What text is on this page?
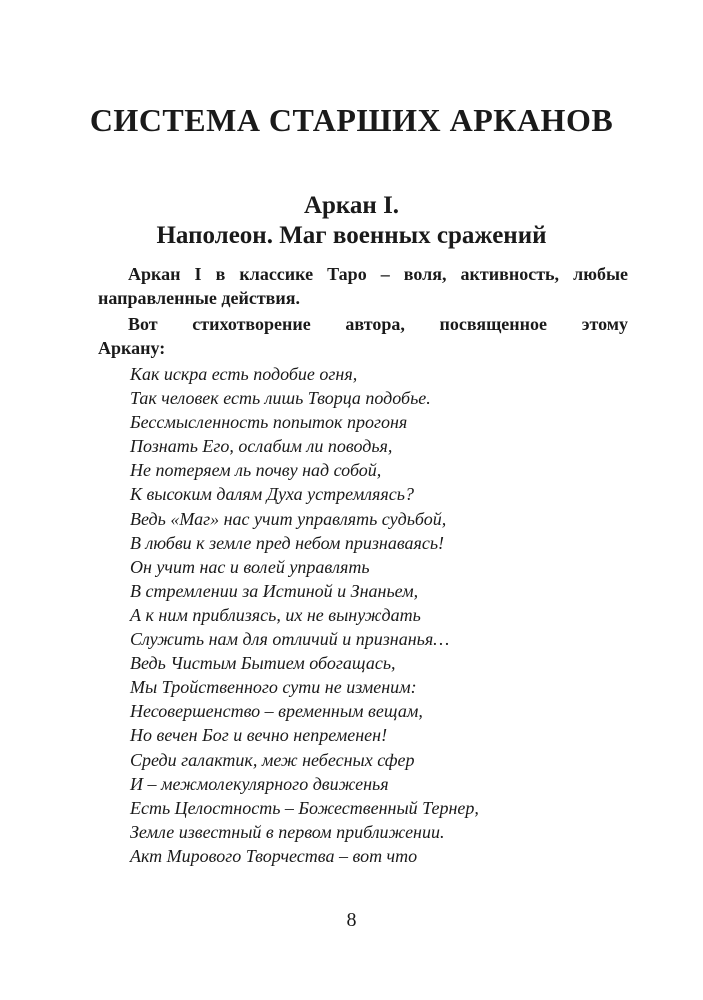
СИСТЕМА СТАРШИХ АРКАНОВ
Аркан I.
Наполеон. Маг военных сражений

Аркан I в классике Таро – воля, активность, любые
направленные действия.

Вот стихотворение автора, посвященное этому
Аркану:

Как искра есть подобие огня,
Так человек есть лишь Творца подобье.
Бессмысленность попыток прогоня
Познать Его, ослабим ли поводья,
Не потеряем ль почву над собой,
К высоким далям Духа устремляясь?
Ведь «Маг» нас учит управлять судьбой,
В любви к земле пред небом признаваясь!
Он учит нас и волей управлять
В стремлении за Истиной и Знаньем,
А к ним приблизясь, их не вынуждать
Служить нам для отличий и признанья…
Ведь Чистым Бытием обогащась,
Мы Тройственного сути не изменим:
Несовершенство – временным вещам,
Но вечен Бог и вечно непременен!
Среди галактик, меж небесных сфер
И – межмолекулярного движенья
Есть Целостность – Божественный Тернер,
Земле известный в первом приближении.
Акт Мирового Творчества – вот что
8
